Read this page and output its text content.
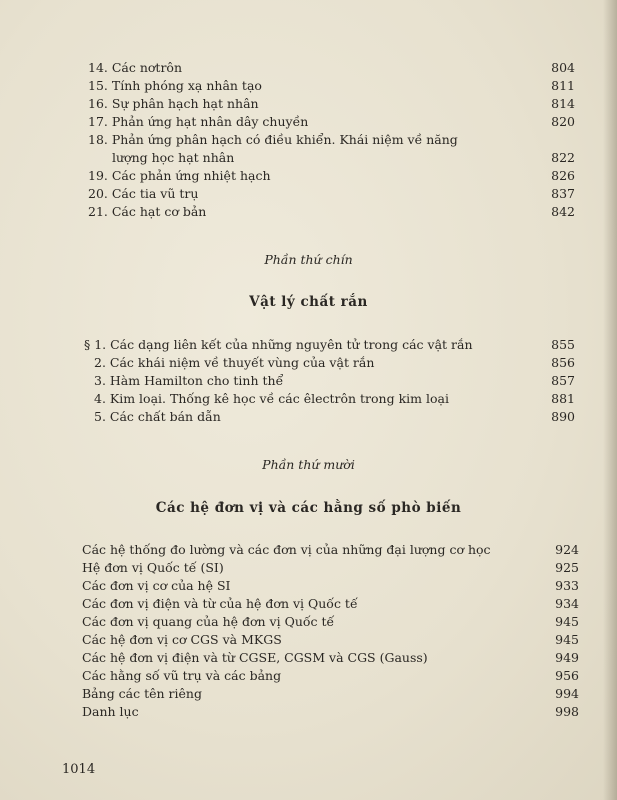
14. Các nơtrôn	804
15. Tính phóng xạ nhân tạo	811
16. Sự phân hạch hạt nhân	814
17. Phản ứng hạt nhân dây chuyền	820
18. Phản ứng phân hạch có điều khiển. Khái niệm về năng
lượng học hạt nhân	822
19. Các phản ứng nhiệt hạch	826
20. Các tia vũ trụ	837
21. Các hạt cơ bản	842
Phần thứ chín
Vật lý chất rắn
§ 1. Các dạng liên kết của những nguyên tử trong các vật rắn	855
2. Các khái niệm về thuyết vùng của vật rắn	856
3. Hàm Hamilton cho tinh thể	857
4. Kim loại. Thống kê học về các êlectrôn trong kim loại	881
5. Các chất bán dẫn	890
Phần thứ mười
Các hệ đơn vị và các hằng số phò biến
Các hệ thống đo lường và các đơn vị của những đại lượng cơ học	924
Hệ đơn vị Quốc tế (SI)	925
Các đơn vị cơ của hệ SI	933
Các đơn vị điện và từ của hệ đơn vị Quốc tế	934
Các đơn vị quang của hệ đơn vị Quốc tế	945
Các hệ đơn vị cơ CGS và MKGS	945
Các hệ đơn vị điện và từ CGSE, CGSM và CGS (Gauss)	949
Các hằng số vũ trụ và các bảng	956
Bảng các tên riêng	994
Danh lục	998
1014
